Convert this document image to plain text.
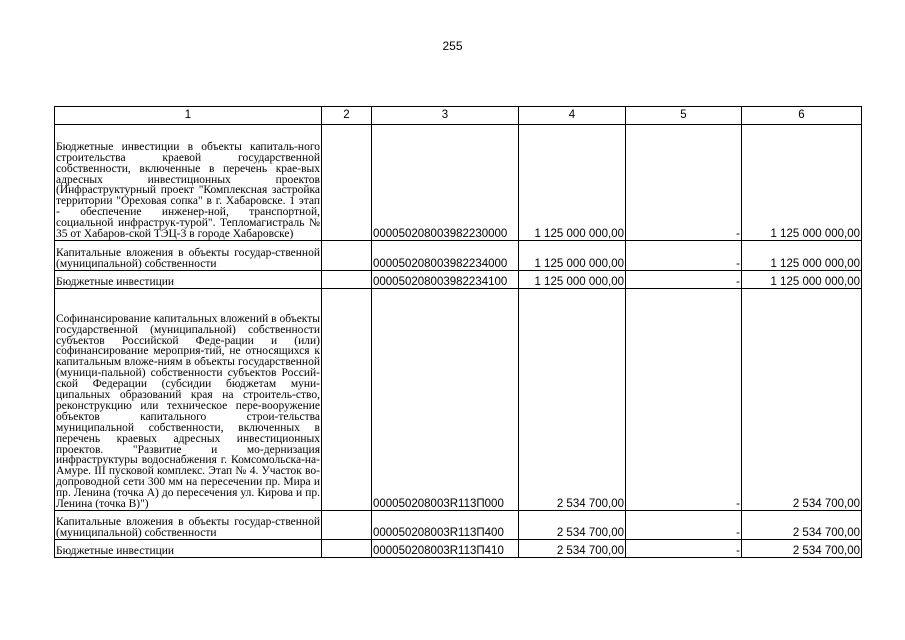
255
1	2	3	4	5	6
Бюджетные инвестиции в объекты капиталь-ного строительства краевой государственной собственности, включенные в перечень крае-вых адресных инвестиционных проектов (Инфраструктурный проект "Комплексная застройка территории "Ореховая сопка" в г. Хабаровске. 1 этап - обеспечение инженер-ной, транспортной, социальной инфраструк-турой". Тепломагистраль № 35 от Хабаров-ской ТЭЦ-3 в городе Хабаровске)		000050208003982230000	1 125 000 000,00	-	1 125 000 000,00
Капитальные вложения в объекты государ-ственной (муниципальной) собственности		000050208003982234000	1 125 000 000,00	-	1 125 000 000,00
Бюджетные инвестиции		000050208003982234100	1 125 000 000,00	-	1 125 000 000,00
Софинансирование капитальных вложений в объекты государственной (муниципальной) собственности субъектов Российской Феде-рации и (или) софинансирование мероприя-тий, не относящихся к капитальным вложе-ниям в объекты государственной (муници-пальной) собственности субъектов Россий-ской Федерации (субсидии бюджетам муни-ципальных образований края на строитель-ство, реконструкцию или техническое пере-вооружение объектов капитального строи-тельства муниципальной собственности, включенных в перечень краевых адресных инвестиционных проектов. "Развитие и мо-дернизация инфраструктуры водоснабжения г. Комсомольска-на-Амуре. III пусковой комплекс. Этап № 4. Участок во-допроводной сети 300 мм на пересечении пр. Мира и пр. Ленина (точка А) до пересечения ул. Кирова и пр. Ленина (точка В)")		000050208003R113П000	2 534 700,00	-	2 534 700,00
Капитальные вложения в объекты государ-ственной (муниципальной) собственности		000050208003R113П400	2 534 700,00	-	2 534 700,00
Бюджетные инвестиции		000050208003R113П410	2 534 700,00	-	2 534 700,00
